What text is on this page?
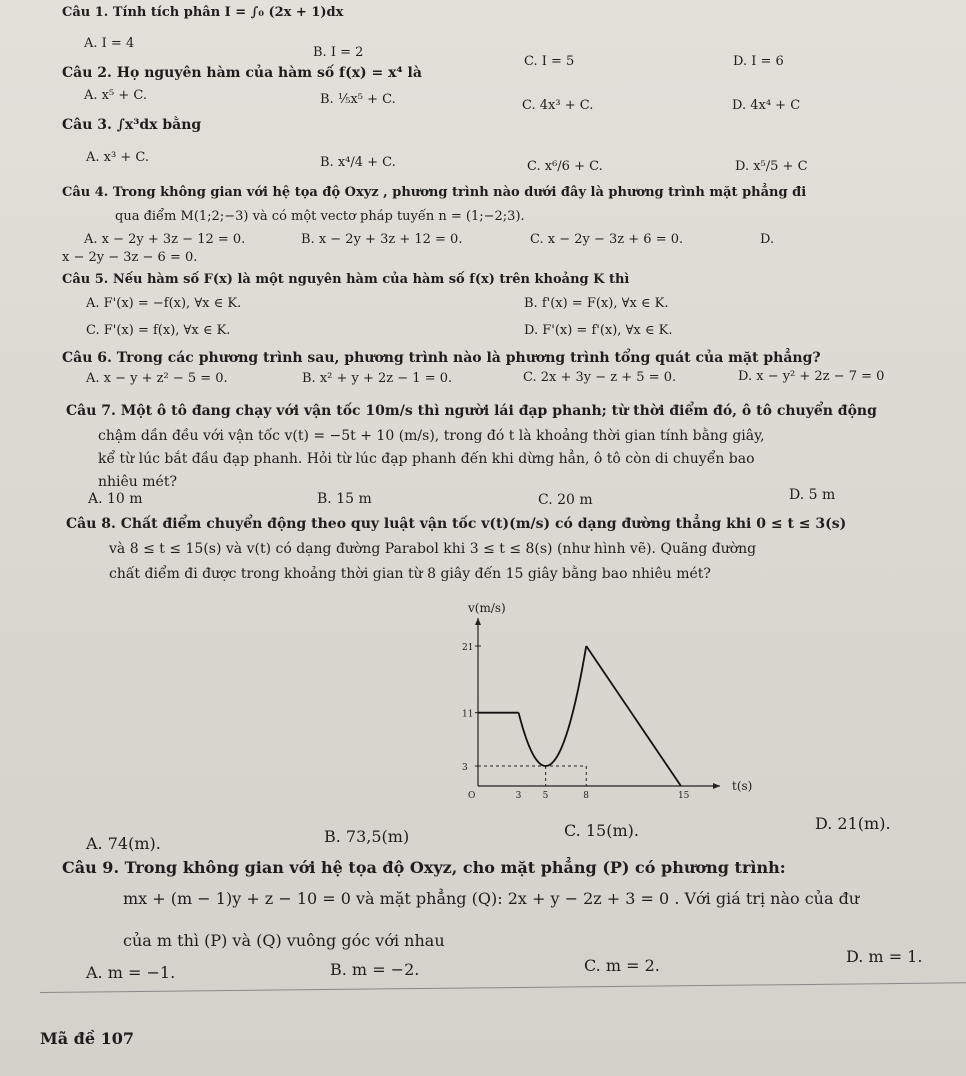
Câu 1. Tính tích phân I = ∫₀ (2x + 1)dx
A. I = 4
B. I = 2
C. I = 5	D. I = 6
Câu 2. Họ nguyên hàm của hàm số f(x) = x⁴ là
A. x⁵ + C.	B. ⅕x⁵ + C.	C. 4x³ + C.	D. 4x⁴ + C
Câu 3. ∫x³dx bằng
A. x³ + C.	B. x⁴/4 + C.	C. x⁶/6 + C.	D. x⁵/5 + C
Câu 4. Trong không gian với hệ tọa độ Oxyz , phương trình nào dưới đây là phương trình mặt phẳng đi
qua điểm M(1;2;−3) và có một vectơ pháp tuyến n = (1;−2;3).
A. x − 2y + 3z − 12 = 0.	B. x − 2y + 3z + 12 = 0.	C. x − 2y − 3z + 6 = 0.	D.
x − 2y − 3z − 6 = 0.
Câu 5. Nếu hàm số F(x) là một nguyên hàm của hàm số f(x) trên khoảng K thì
A. F'(x) = −f(x), ∀x ∈ K.	B. f'(x) = F(x), ∀x ∈ K.
C. F'(x) = f(x), ∀x ∈ K.	D. F'(x) = f'(x), ∀x ∈ K.
Câu 6. Trong các phương trình sau, phương trình nào là phương trình tổng quát của mặt phẳng?
A. x − y + z² − 5 = 0.	B. x² + y + 2z − 1 = 0.	C. 2x + 3y − z + 5 = 0.	D. x − y² + 2z − 7 = 0
Câu 7. Một ô tô đang chạy với vận tốc 10m/s thì người lái đạp phanh; từ thời điểm đó, ô tô chuyển động
chậm dần đều với vận tốc v(t) = −5t + 10 (m/s), trong đó t là khoảng thời gian tính bằng giây,
kể từ lúc bắt đầu đạp phanh. Hỏi từ lúc đạp phanh đến khi dừng hẳn, ô tô còn di chuyển bao
nhiêu mét?
A. 10 m	B. 15 m	C. 20 m	D. 5 m
Câu 8. Chất điểm chuyển động theo quy luật vận tốc v(t)(m/s) có dạng đường thẳng khi 0 ≤ t ≤ 3(s)
và 8 ≤ t ≤ 15(s) và v(t) có dạng đường Parabol khi 3 ≤ t ≤ 8(s) (như hình vẽ). Quãng đường
chất điểm đi được trong khoảng thời gian từ 8 giây đến 15 giây bằng bao nhiêu mét?
v(m/s)
t(s)
21
11
3
O	3 5	8	15
A. 74(m).	B. 73,5(m)	C. 15(m).	D. 21(m).
Câu 9. Trong không gian với hệ tọa độ Oxyz, cho mặt phẳng (P) có phương trình:
mx + (m − 1)y + z − 10 = 0 và mặt phẳng (Q): 2x + y − 2z + 3 = 0 . Với giá trị nào của đư
của m thì (P) và (Q) vuông góc với nhau
A. m = −1.	B. m = −2.	C. m = 2.	D. m = 1.
Mã đề 107
